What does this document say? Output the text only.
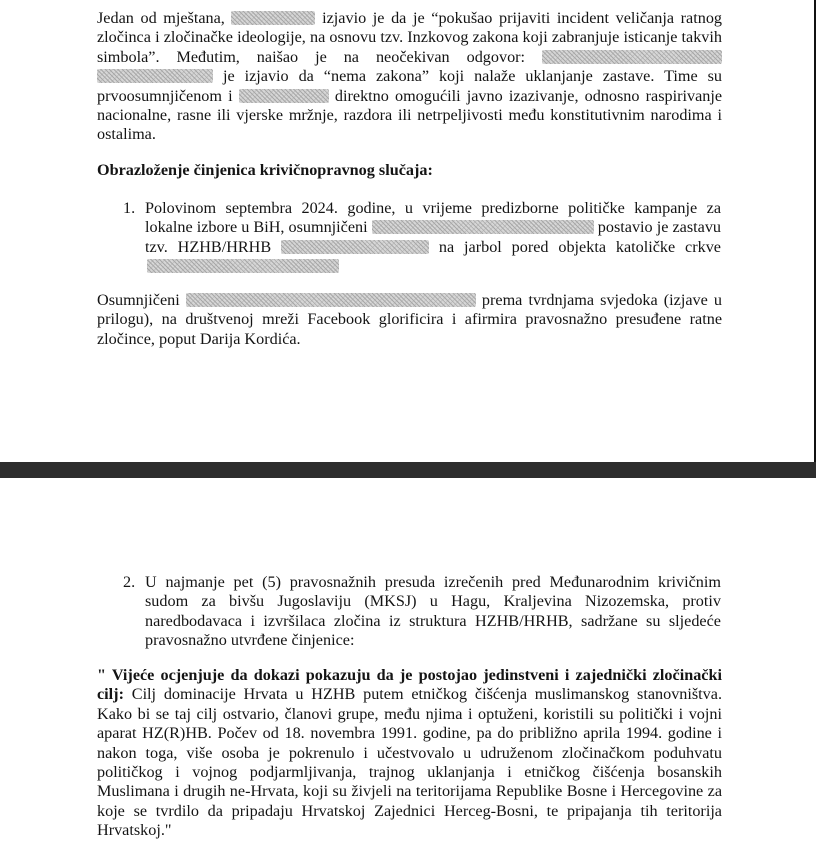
Jedan od mještana,	izjavio je da je “pokušao prijaviti incident veličanja ratnog zločinca i zločinačke ideologije, na osnovu tzv. Inzkovog zakona koji zabranjuje isticanje takvih simbola”. Međutim, naišao je na neočekivan odgovor:   je izjavio da “nema zakona” koji nalaže uklanjanje zastave. Time su prvoosumnjičenom i	direktno omogućili javno izazivanje, odnosno raspirivanje nacionalne, rasne ili vjerske mržnje, razdora ili netrpeljivosti među konstitutivnim narodima i ostalima.
Obrazloženje činjenica krivičnopravnog slučaja:
1. Polovinom septembra 2024. godine, u vrijeme predizborne političke kampanje za lokalne izbore u BiH, osumnjičeni	postavio je zastavu tzv. HZHB/HRHB	na jarbol pored objekta katoličke crkve
Osumnjičeni	prema tvrdnjama svjedoka (izjave u prilogu), na društvenoj mreži Facebook glorificira i afirmira pravosnažno presuđene ratne zločince, poput Darija Kordića.
2. U najmanje pet (5) pravosnažnih presuda izrečenih pred Međunarodnim krivičnim sudom za bivšu Jugoslaviju (MKSJ) u Hagu, Kraljevina Nizozemska, protiv naredbodavaca i izvršilaca zločina iz struktura HZHB/HRHB, sadržane su sljedeće pravosnažno utvrđene činjenice:
" Vijeće ocjenjuje da dokazi pokazuju da je postojao jedinstveni i zajednički zločinački cilj: Cilj dominacije Hrvata u HZHB putem etničkog čišćenja muslimanskog stanovništva. Kako bi se taj cilj ostvario, članovi grupe, među njima i optuženi, koristili su politički i vojni aparat HZ(R)HB. Počev od 18. novembra 1991. godine, pa do približno aprila 1994. godine i nakon toga, više osoba je pokrenulo i učestvovalo u udruženom zločinačkom poduhvatu političkog i vojnog podjarmljivanja, trajnog uklanjanja i etničkog čišćenja bosanskih Muslimana i drugih ne-Hrvata, koji su živjeli na teritorijama Republike Bosne i Hercegovine za koje se tvrdilo da pripadaju Hrvatskoj Zajednici Herceg-Bosni, te pripajanja tih teritorija Hrvatskoj."
